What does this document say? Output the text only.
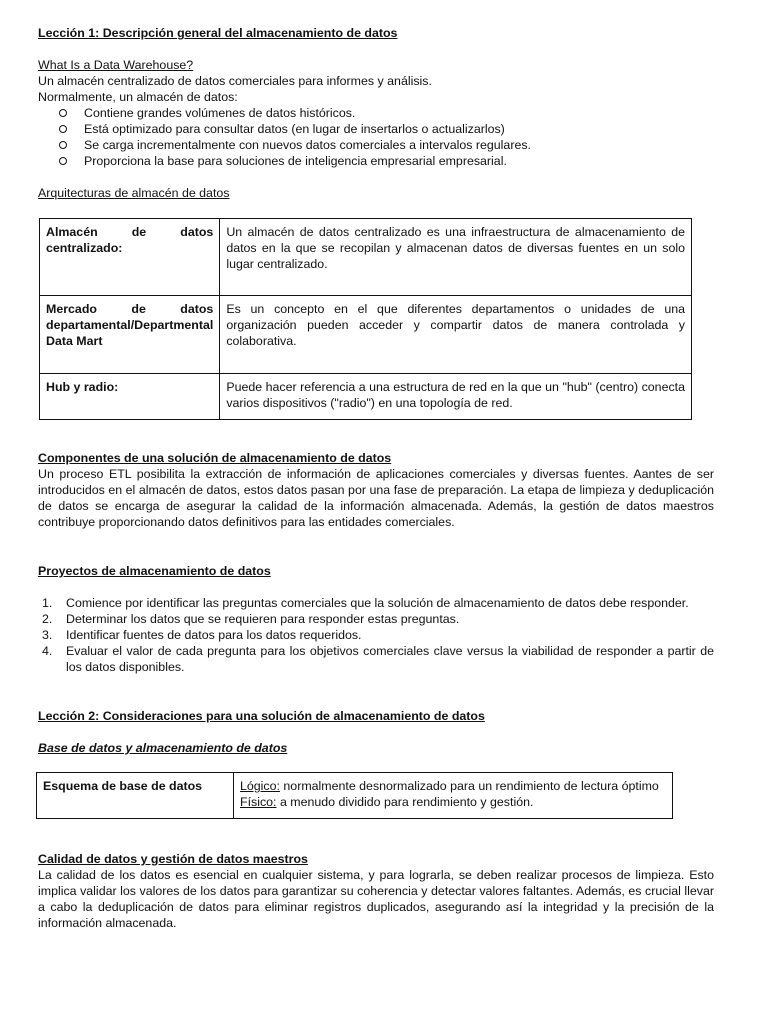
Lección 1: Descripción general del almacenamiento de datos

What Is a Data Warehouse?

Un almacén centralizado de datos comerciales para informes y análisis.

Normalmente, un almacén de datos:

Contiene grandes volúmenes de datos históricos.
Está optimizado para consultar datos (en lugar de insertarlos o actualizarlos)
Se carga incrementalmente con nuevos datos comerciales a intervalos regulares.
Proporciona la base para soluciones de inteligencia empresarial empresarial.

Arquitecturas de almacén de datos

Almacén de datos centralizado:	Un almacén de datos centralizado es una infraestructura de almacenamiento de datos en la que se recopilan y almacenan datos de diversas fuentes en un solo lugar centralizado.
Mercado de datos departamental/Departmental Data Mart	Es un concepto en el que diferentes departamentos o unidades de una organización pueden acceder y compartir datos de manera controlada y colaborativa.
Hub y radio:	Puede hacer referencia a una estructura de red en la que un "hub" (centro) conecta varios dispositivos ("radio") en una topología de red.

Componentes de una solución de almacenamiento de datos

Un proceso ETL posibilita la extracción de información de aplicaciones comerciales y diversas fuentes. Aantes de ser introducidos en el almacén de datos, estos datos pasan por una fase de preparación. La etapa de limpieza y deduplicación de datos se encarga de asegurar la calidad de la información almacenada. Además, la gestión de datos maestros contribuye proporcionando datos definitivos para las entidades comerciales.

Proyectos de almacenamiento de datos

1. Comience por identificar las preguntas comerciales que la solución de almacenamiento de datos debe responder.
2. Determinar los datos que se requieren para responder estas preguntas.
3. Identificar fuentes de datos para los datos requeridos.
4. Evaluar el valor de cada pregunta para los objetivos comerciales clave versus la viabilidad de responder a partir de los datos disponibles.

Lección 2: Consideraciones para una solución de almacenamiento de datos

Base de datos y almacenamiento de datos

Esquema de base de datos	Lógico: normalmente desnormalizado para un rendimiento de lectura óptimo
Físico: a menudo dividido para rendimiento y gestión.

Calidad de datos y gestión de datos maestros

La calidad de los datos es esencial en cualquier sistema, y para lograrla, se deben realizar procesos de limpieza. Esto implica validar los valores de los datos para garantizar su coherencia y detectar valores faltantes. Además, es crucial llevar a cabo la deduplicación de datos para eliminar registros duplicados, asegurando así la integridad y la precisión de la información almacenada.
